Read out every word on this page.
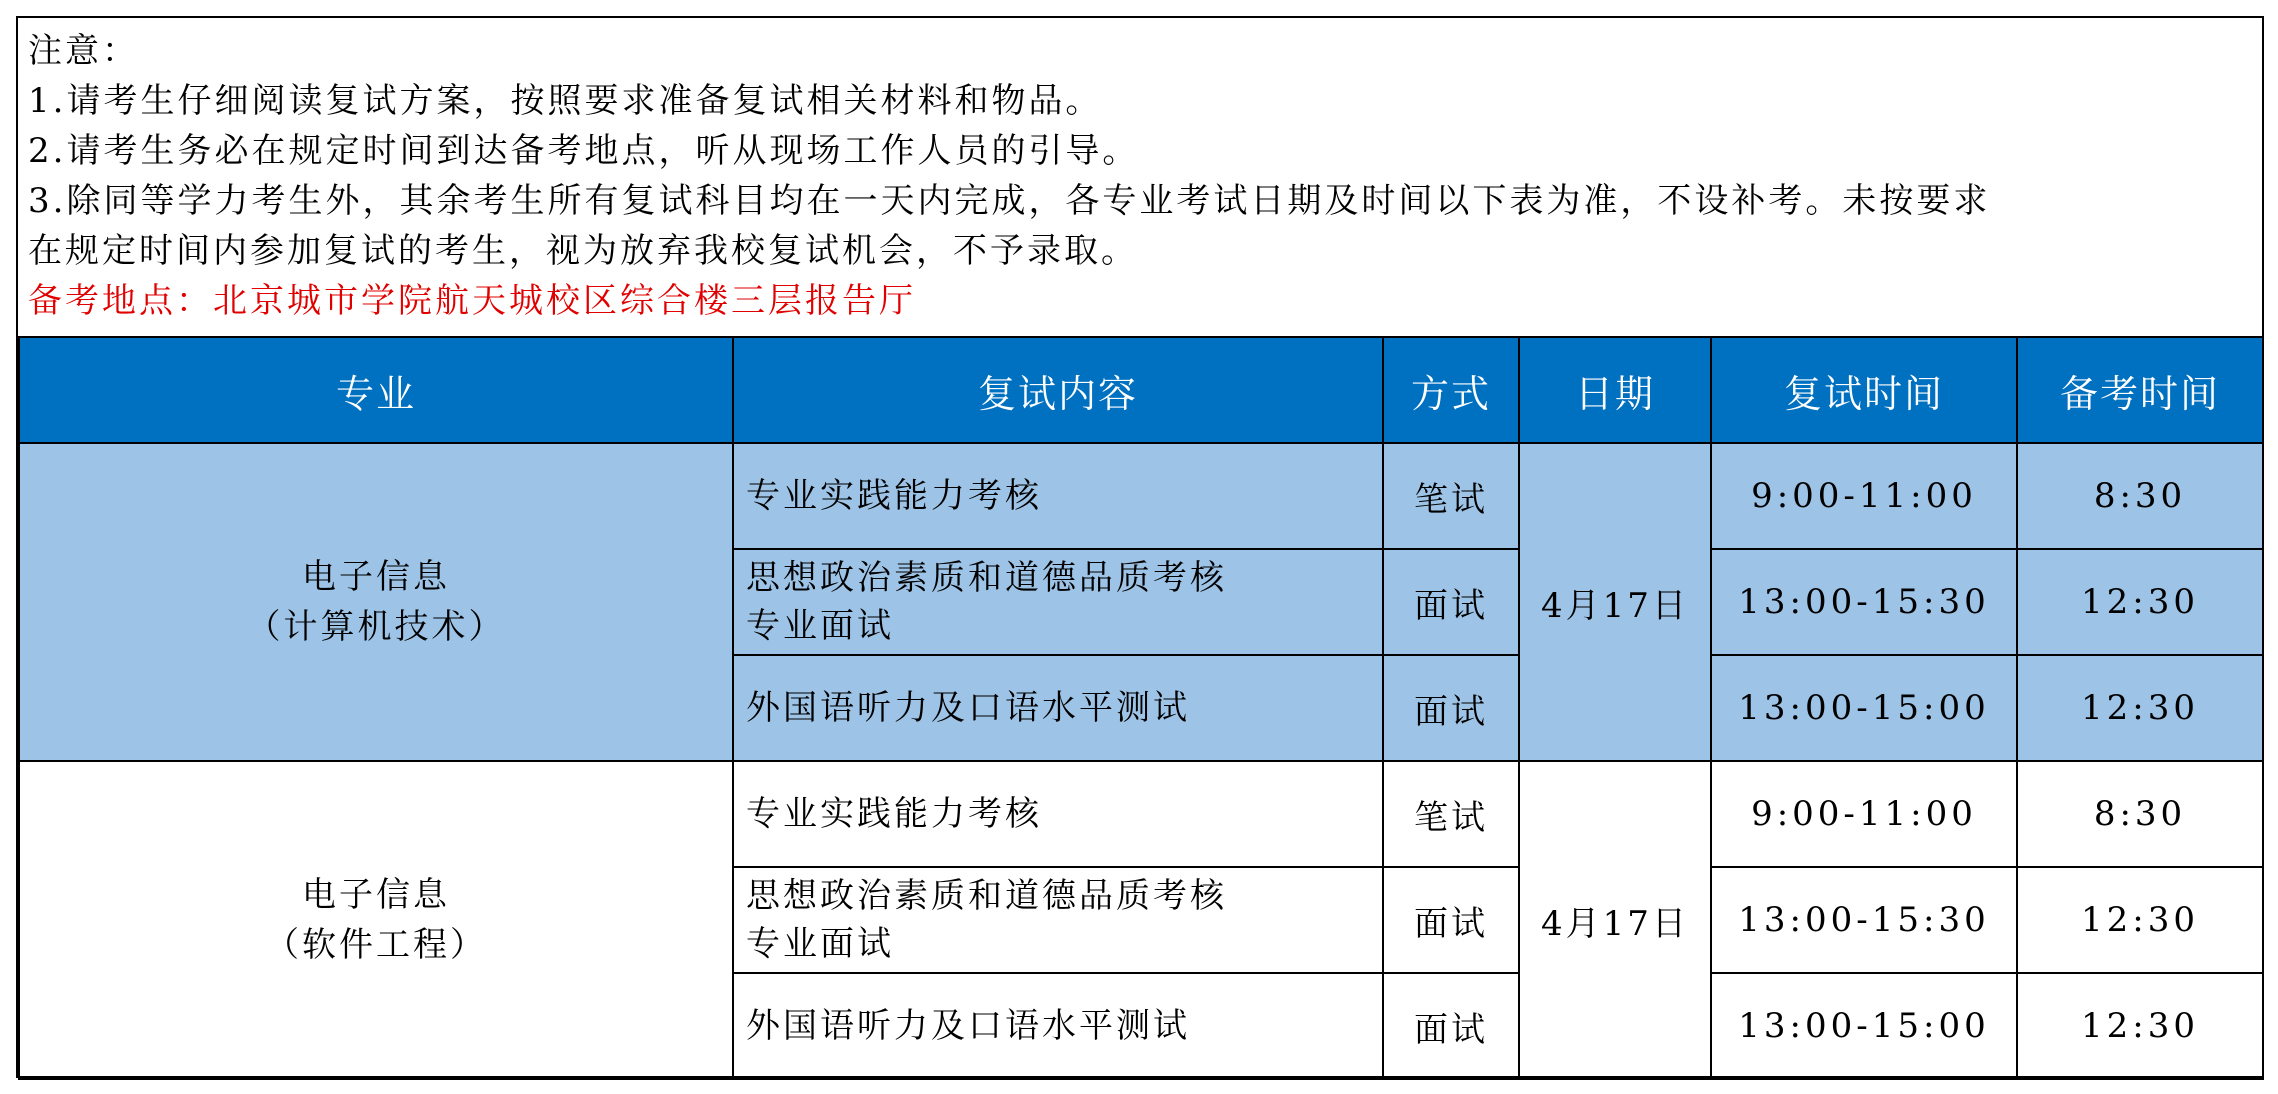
注意：
1.请考生仔细阅读复试方案，按照要求准备复试相关材料和物品。
2.请考生务必在规定时间到达备考地点，听从现场工作人员的引导。
3.除同等学力考生外，其余考生所有复试科目均在一天内完成，各专业考试日期及时间以下表为准，不设补考。未按要求
在规定时间内参加复试的考生，视为放弃我校复试机会，不予录取。
备考地点：北京城市学院航天城校区综合楼三层报告厅
专业	复试内容	方式	日期	复试时间	备考时间

电子信息
（计算机技术）	专业实践能力考核	笔试	4月17日	9:00-11:00	8:30

	思想政治素质和道德品质考核
专业面试	面试		13:00-15:30	12:30

	外国语听力及口语水平测试	面试		13:00-15:00	12:30

电子信息
（软件工程）	专业实践能力考核	笔试	4月17日	9:00-11:00	8:30

	思想政治素质和道德品质考核
专业面试	面试		13:00-15:30	12:30

	外国语听力及口语水平测试	面试		13:00-15:00	12:30
